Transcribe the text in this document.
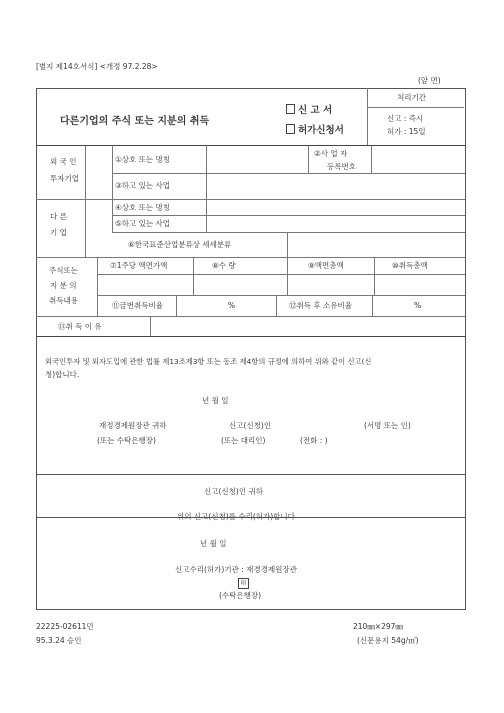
[별지 제14호서식] <개정 97.2.28>
(앞 면)
다른기업의 주식 또는 지분의 취득
신 고 서
허가신청서
처리기간
신고 : 즉시
허가 : 15일
외 국 인
투자기업
①상호 또는 명칭
②사 업 자
등록번호
③하고 있는 사업
다 른
기 업
④상호 또는 명칭
⑤하고 있는 사업
⑥한국표준산업분류상 세세분류
주식또는
지 분 의
취득내용
⑦1주당 액면가액	⑧수 량	⑨액면총액	⑩취득총액
⑪금번취득비율	%	⑫취득 후 소유비율	%
⑬취 득 이 유
외국인투자 및 외자도입에 관한 법률 제13조제3항 또는 동조 제4항의 규정에 의하여 위와 같이 신고(신
청)합니다.
년 월 일
재정경제원장관 귀하
(또는 수탁은행장)
신고(신청)인
(또는 대리인)
(서명 또는 인)
(전화 : )
신고(신청)인 귀하
위의 신고(신청)를 수리(허가)합니다
년 월 일
신고수리(허가)기관 : 재경경제원장관
印
(수탁은행장)
22225-02611민	210㎜×297㎜
95.3.24 승인	(신문용지 54g/㎡)
